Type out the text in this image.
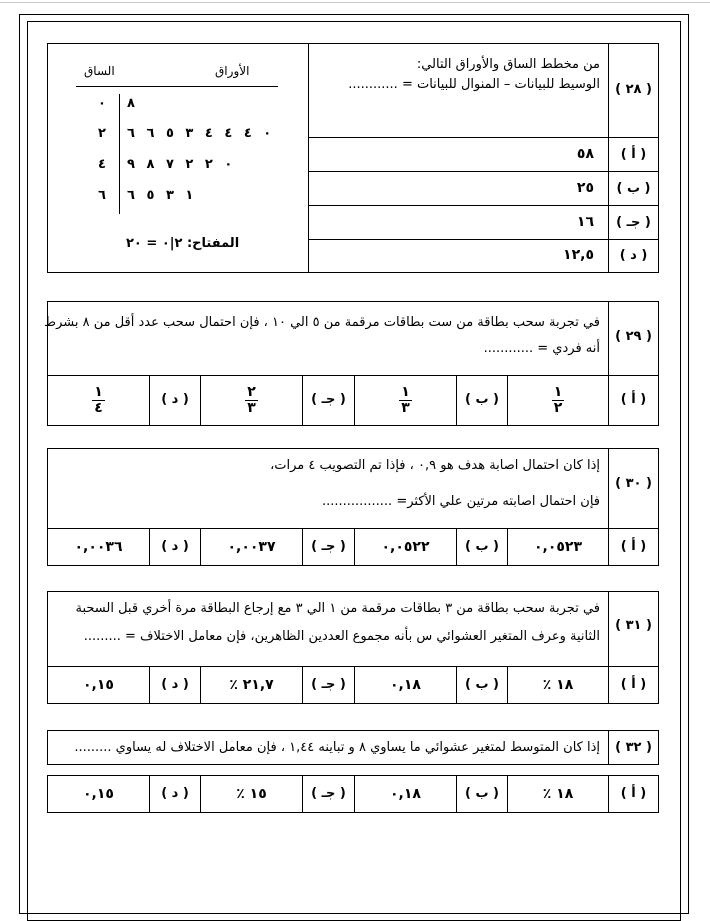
( ٢٨ )
من مخطط الساق والأوراق التالي:
الوسيط للبيانات – المنوال للبيانات = ............
الأوراق
الساق
٠ ٨
٢ ٠ ٤ ٤ ٤ ٣ ٥ ٦ ٦
٤ ٠ ٢ ٢ ٧ ٨ ٩
٦ ١ ٣ ٥ ٦
المفتاح: ٢|٠ = ٢٠
( أ )
٥٨
( ب )
٢٥
( جـ )
١٦
( د )
١٢,٥
( ٢٩ )
في تجربة سحب بطاقة من ست بطاقات مرقمة من ٥ الي ١٠ ، فإن احتمال سحب عدد أقل من ٨ بشرط
أنه فردي = ............
( أ )
$\frac{١}{٢}$
( ب )
$\frac{١}{٣}$
( جـ )
$\frac{٢}{٣}$
( د )
$\frac{١}{٤}$
( ٣٠ )
إذا كان احتمال اصابة هدف هو ٠,٩ ، فإذا تم التصويب ٤ مرات،
فإن احتمال اصابته مرتين علي الأكثر= .................
( أ )
٠,٠٥٢٣
( ب )
٠,٠٥٢٢
( جـ )
٠,٠٠٣٧
( د )
٠,٠٠٣٦
( ٣١ )
في تجربة سحب بطاقة من ٣ بطاقات مرقمة من ١ الي ٣ مع إرجاع البطاقة مرة أخري قبل السحبة
الثانية وعرف المتغير العشوائي س بأنه مجموع العددين الظاهرين، فإن معامل الاختلاف = .........
( أ )
١٨ ٪
( ب )
٠,١٨
( جـ )
٢١,٧ ٪
( د )
٠,١٥
( ٣٢ )
إذا كان المتوسط لمتغير عشوائي ما يساوي ٨ و تباينه ١,٤٤ ، فإن معامل الاختلاف له يساوي .........
( أ )
١٨ ٪
( ب )
٠,١٨
( جـ )
١٥ ٪
( د )
٠,١٥
